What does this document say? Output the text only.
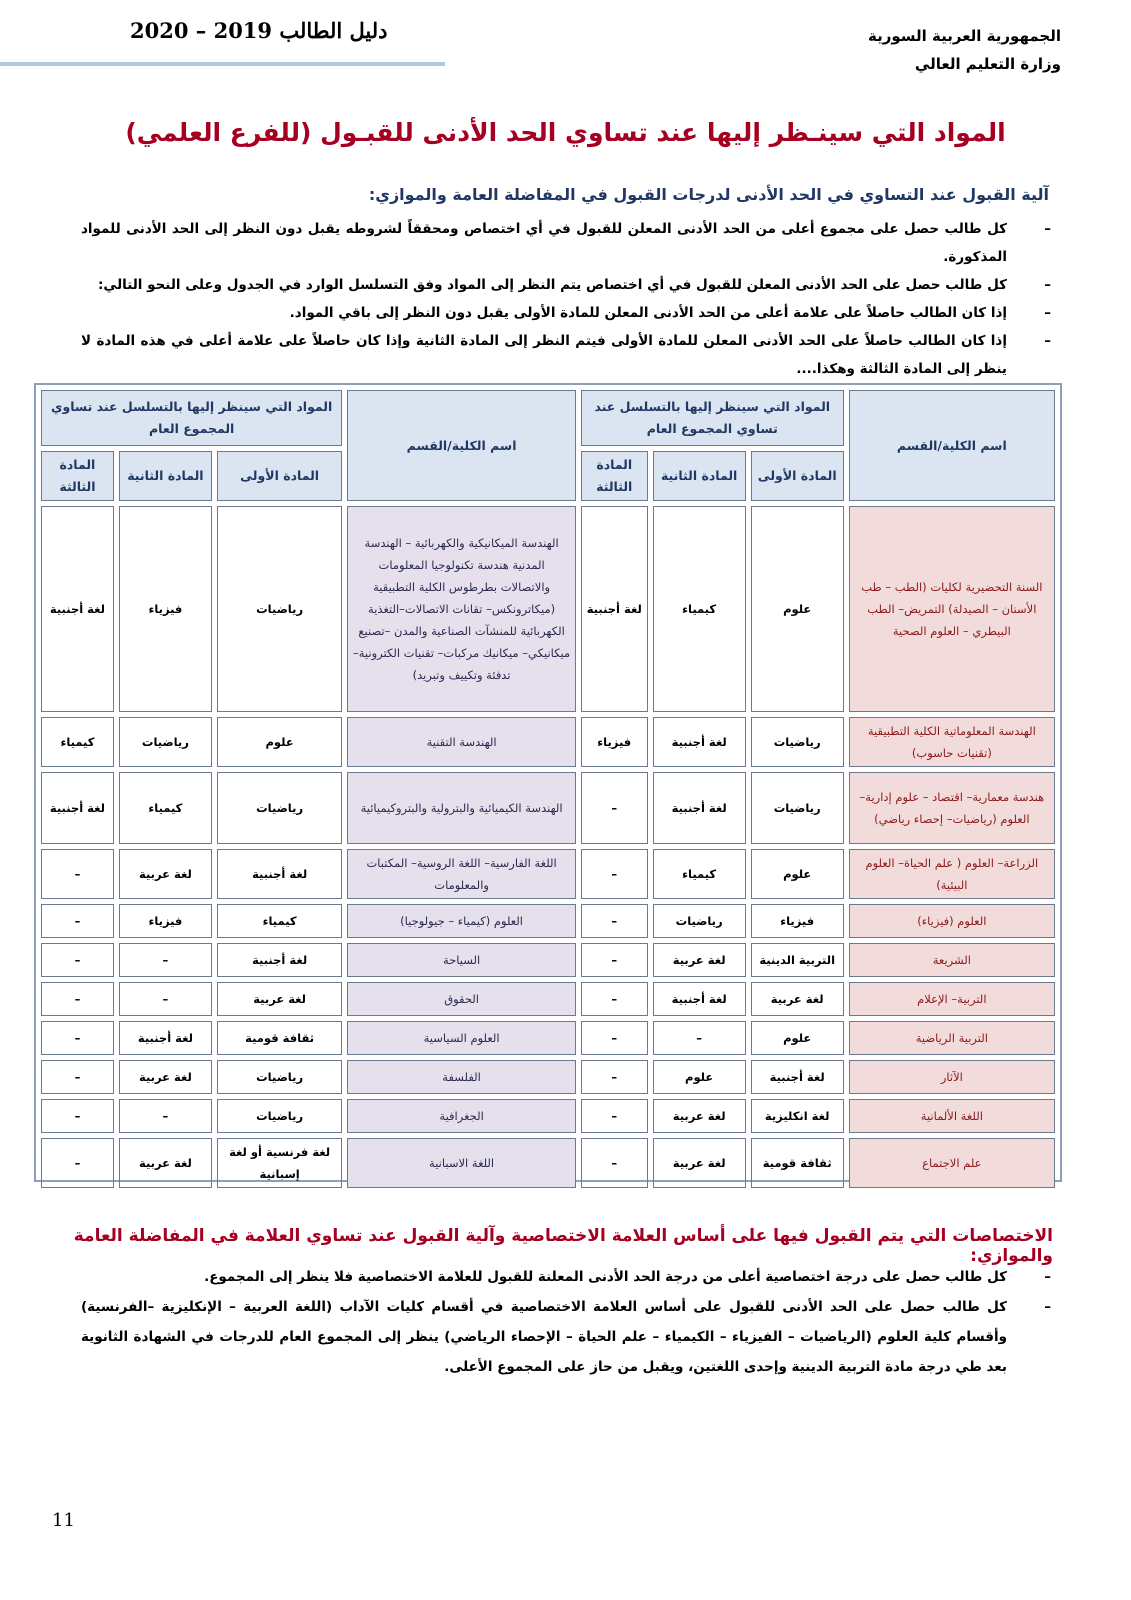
الجمهورية العربية السورية
وزارة التعليم العالي
دليل الطالب 2019 – 2020
المواد التي سينـظر إليها عند تساوي الحد الأدنى للقبـول (للفرع العلمي)
آلية القبول عند التساوي في الحد الأدنى لدرجات القبول في المفاضلة العامة والموازي:
–
كل طالب حصل على مجموع أعلى من الحد الأدنى المعلن للقبول في أي اختصاص ومحققاً لشروطه يقبل دون النظر إلى الحد الأدنى للمواد المذكورة.
–
كل طالب حصل على الحد الأدنى المعلن للقبول في أي اختصاص يتم النظر إلى المواد وفق التسلسل الوارد في الجدول وعلى النحو التالي:
–
إذا كان الطالب حاصلاً على علامة أعلى من الحد الأدنى المعلن للمادة الأولى يقبل دون النظر إلى باقي المواد.
–
إذا كان الطالب حاصلاً على الحد الأدنى المعلن للمادة الأولى فيتم النظر إلى المادة الثانية وإذا كان حاصلاً على علامة أعلى في هذه المادة لا ينظر إلى المادة الثالثة وهكذا....
اسم الكلية/القسم	المواد التي سينظر إليها بالتسلسل عند تساوي المجموع العام			اسم الكلية/القسم	المواد التي سينظر إليها بالتسلسل عند تساوي المجموع العام		
	المادة الأولى	المادة الثانية	المادة الثالثة		المادة الأولى	المادة الثانية	المادة الثالثة
السنة التحضيرية لكليات (الطب – طب الأسنان – الصيدلة) التمريض– الطب البيطري – العلوم الصحية	علوم	كيمياء	لغة أجنبية	الهندسة الميكانيكية والكهربائية – الهندسة المدنية هندسة تكنولوجيا المعلومات والاتصالات بطرطوس الكلية التطبيقية (ميكاترونكس– تقانات الاتصالات–التغذية الكهربائية للمنشآت الصناعية والمدن –تصنيع ميكانيكي– ميكانيك مركبات– تقنيات الكترونية– تدفئة وتكييف وتبريد)	رياضيات	فيزياء	لغة أجنبية
الهندسة المعلوماتية الكلية التطبيقية (تقنيات حاسوب)	رياضيات	لغة أجنبية	فيزياء	الهندسة التقنية	علوم	رياضيات	كيمياء
هندسة معمارية– اقتصاد – علوم إدارية– العلوم (رياضيات– إحصاء رياضي)	رياضيات	لغة أجنبية	–	الهندسة الكيميائية والبترولية والبتروكيميائية	رياضيات	كيمياء	لغة أجنبية
الزراعة– العلوم ( علم الحياة– العلوم البيئية)	علوم	كيمياء	–	اللغة الفارسية– اللغة الروسية– المكتبات والمعلومات	لغة أجنبية	لغة عربية	–
العلوم (فيزياء)	فيزياء	رياضيات	–	العلوم (كيمياء – جيولوجيا)	كيمياء	فيزياء	–
الشريعة	التربية الدينية	لغة عربية	–	السياحة	لغة أجنبية	–	–
التربية– الإعلام	لغة عربية	لغة أجنبية	–	الحقوق	لغة عربية	–	–
التربية الرياضية	علوم	–	–	العلوم السياسية	ثقافة قومية	لغة أجنبية	–
الآثار	لغة أجنبية	علوم	–	الفلسفة	رياضيات	لغة عربية	–
اللغة الألمانية	لغة انكليزية	لغة عربية	–	الجغرافية	رياضيات	–	–
علم الاجتماع	ثقافة قومية	لغة عربية	–	اللغة الاسبانية	لغة فرنسية أو لغة إسبانية	لغة عربية	–
الاختصاصات التي يتم القبول فيها على أساس العلامة الاختصاصية وآلية القبول عند تساوي العلامة في المفاضلة العامة والموازي:
–
كل طالب حصل على درجة اختصاصية أعلى من درجة الحد الأدنى المعلنة للقبول للعلامة الاختصاصية فلا ينظر إلى المجموع.
–
كل طالب حصل على الحد الأدنى للقبول على أساس العلامة الاختصاصية في أقسام كليات الآداب (اللغة العربية – الإنكليزية –الفرنسية) وأقسام كلية العلوم (الرياضيات – الفيزياء – الكيمياء – علم الحياة – الإحصاء الرياضي) ينظر إلى المجموع العام للدرجات في الشهادة الثانوية بعد طي درجة مادة التربية الدينية وإحدى اللغتين، ويقبل من حاز على المجموع الأعلى.
11
